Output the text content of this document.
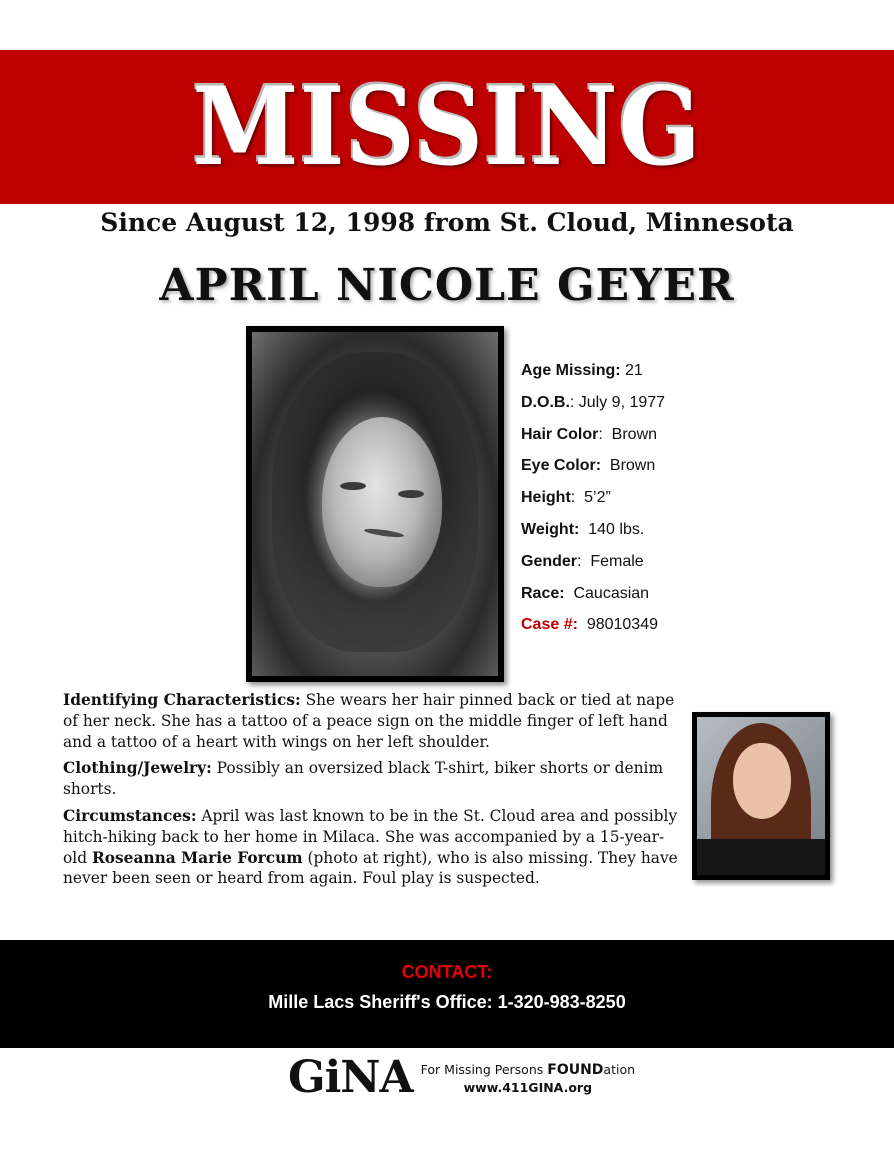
MISSING
Since August 12, 1998 from St. Cloud, Minnesota
APRIL NICOLE GEYER
Age Missing: 21
D.O.B.: July 9, 1977
Hair Color:  Brown
Eye Color:  Brown
Height:  5’2”
Weight:  140 lbs.
Gender:  Female
Race:  Caucasian
Case #:  98010349

Identifying Characteristics: She wears her hair pinned back or tied at nape of her neck. She has a tattoo of a peace sign on the middle finger of left hand and a tattoo of a heart with wings on her left shoulder.

Clothing/Jewelry: Possibly an oversized black T-shirt, biker shorts or denim shorts.

Circumstances: April was last known to be in the St. Cloud area and possibly hitch-hiking back to her home in Milaca. She was accompanied by a 15-year-old Roseanna Marie Forcum (photo at right), who is also missing. They have never been seen or heard from again. Foul play is suspected.

CONTACT:
Mille Lacs Sheriff's Office: 1-320-983-8250
GiNA For Missing Persons FOUNDation
www.411GINA.org
